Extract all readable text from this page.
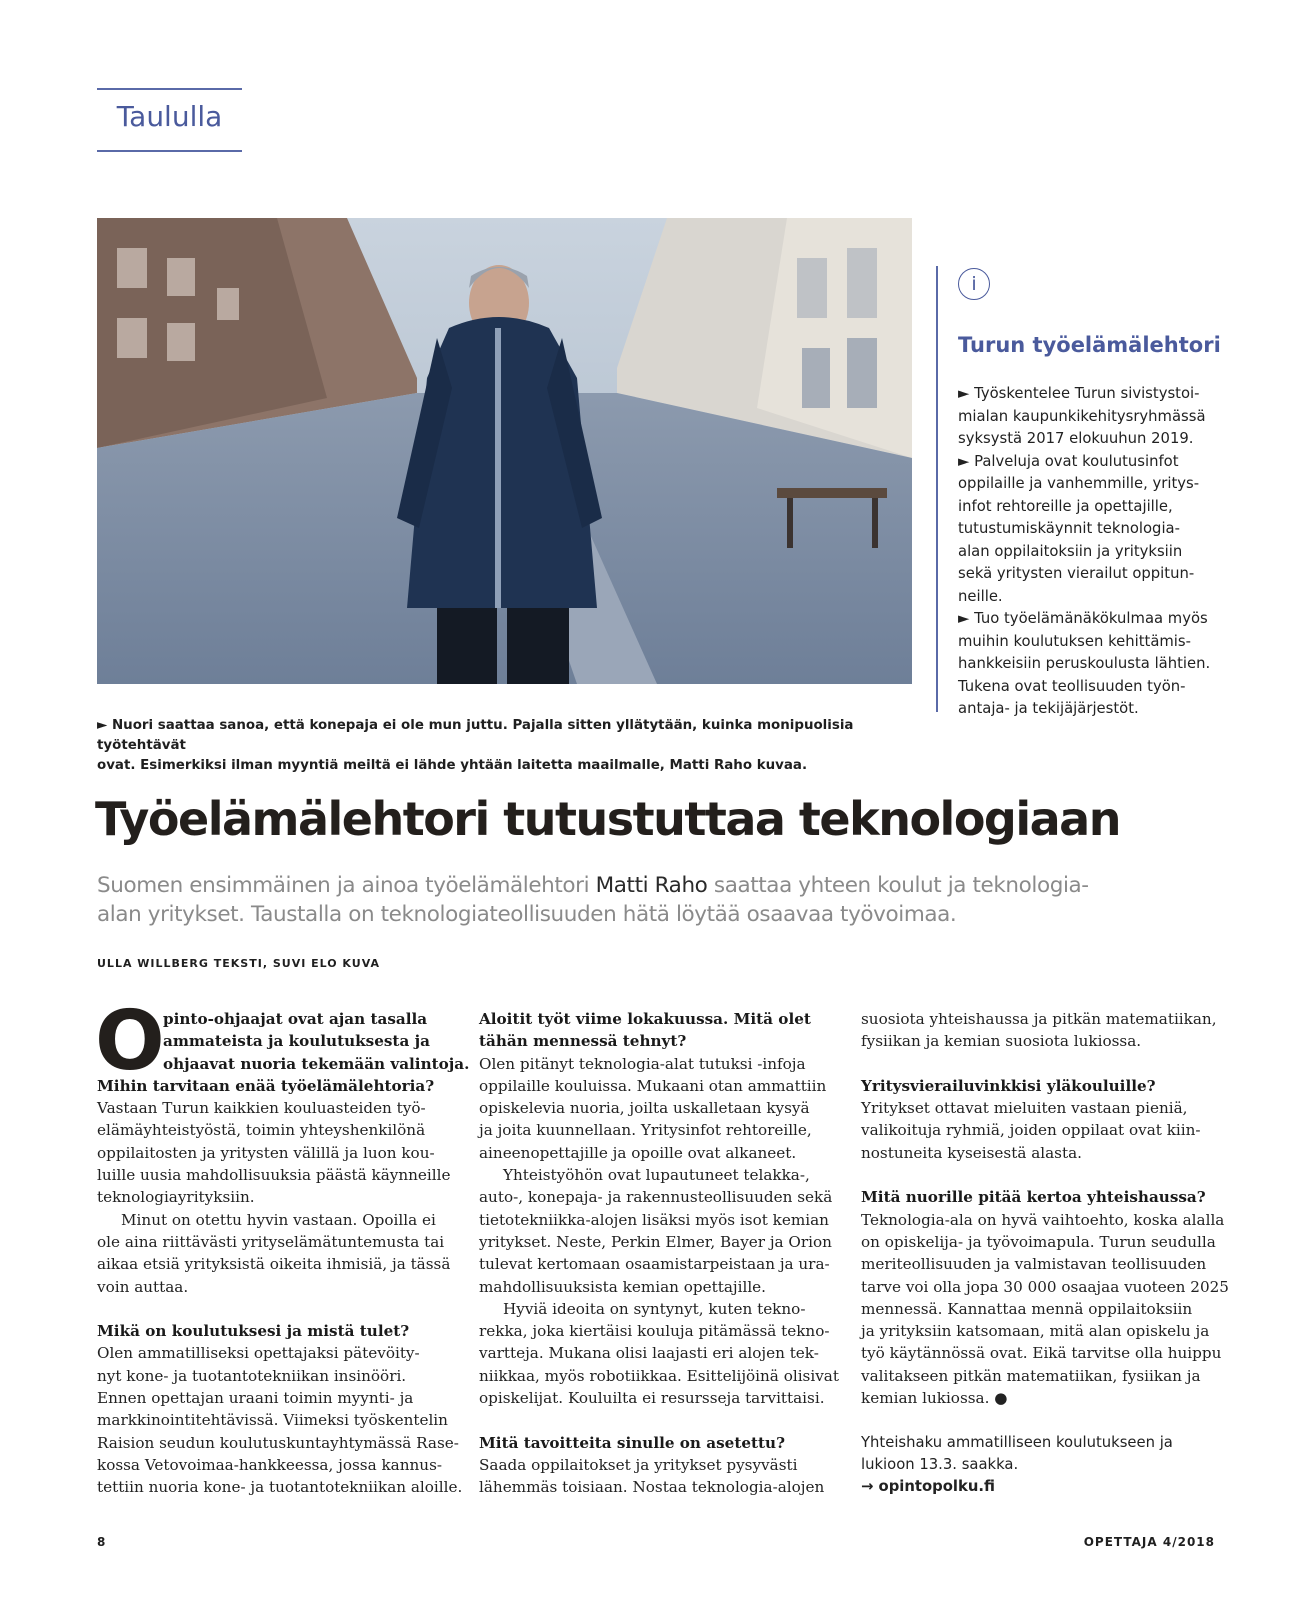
Taululla
► Nuori saattaa sanoa, että konepaja ei ole mun juttu. Pajalla sitten yllätytään, kuinka monipuolisia työtehtävät
ovat. Esimerkiksi ilman myyntiä meiltä ei lähde yhtään laitetta maailmalle, Matti Raho kuvaa.
i
Turun työelämälehtori
► Työskentelee Turun sivistystoi-
mialan kaupunkikehitysryhmässä
syksystä 2017 elokuuhun 2019.
► Palveluja ovat koulutusinfot
oppilaille ja vanhemmille, yritys-
infot rehtoreille ja opettajille,
tutustumiskäynnit teknologia-
alan oppilaitoksiin ja yrityksiin
sekä yritysten vierailut oppitun-
neille.
► Tuo työelämänäkökulmaa myös
muihin koulutuksen kehittämis-
hankkeisiin peruskoulusta lähtien.
Tukena ovat teollisuuden työn-
antaja- ja tekijäjärjestöt.
Työelämälehtori tutustuttaa teknologiaan
Suomen ensimmäinen ja ainoa työelämälehtori Matti Raho saattaa yhteen koulut ja teknologia-
alan yritykset. Taustalla on teknologiateollisuuden hätä löytää osaavaa työvoimaa.
ULLA WILLBERG TEKSTI, SUVI ELO KUVA
O
pinto-ohjaajat ovat ajan tasalla
ammateista ja koulutuksesta ja
ohjaavat nuoria tekemään valintoja.
Mihin tarvitaan enää työelämälehtoria?
Vastaan Turun kaikkien kouluasteiden työ-
elämäyhteistyöstä, toimin yhteyshenkilönä
oppilaitosten ja yritysten välillä ja luon kou-
luille uusia mahdollisuuksia päästä käynneille
teknologiayrityksiin.
Minut on otettu hyvin vastaan. Opoilla ei
ole aina riittävästi yrityselämätuntemusta tai
aikaa etsiä yrityksistä oikeita ihmisiä, ja tässä
voin auttaa.
Mikä on koulutuksesi ja mistä tulet?
Olen ammatilliseksi opettajaksi pätevöity-
nyt kone- ja tuotantotekniikan insinööri.
Ennen opettajan uraani toimin myynti- ja
markkinointitehtävissä. Viimeksi työskentelin
Raision seudun koulutuskuntayhtymässä Rase-
kossa Vetovoimaa-hankkeessa, jossa kannus-
tettiin nuoria kone- ja tuotantotekniikan aloille.
Aloitit työt viime lokakuussa. Mitä olet
tähän mennessä tehnyt?
Olen pitänyt teknologia-alat tutuksi -infoja
oppilaille kouluissa. Mukaani otan ammattiin
opiskelevia nuoria, joilta uskalletaan kysyä
ja joita kuunnellaan. Yritysinfot rehtoreille,
aineenopettajille ja opoille ovat alkaneet.
Yhteistyöhön ovat lupautuneet telakka-,
auto-, konepaja- ja rakennusteollisuuden sekä
tietotekniikka-alojen lisäksi myös isot kemian
yritykset. Neste, Perkin Elmer, Bayer ja Orion
tulevat kertomaan osaamistarpeistaan ja ura-
mahdollisuuksista kemian opettajille.
Hyviä ideoita on syntynyt, kuten tekno-
rekka, joka kiertäisi kouluja pitämässä tekno-
vartteja. Mukana olisi laajasti eri alojen tek-
niikkaa, myös robotiikkaa. Esittelijöinä olisivat
opiskelijat. Kouluilta ei resursseja tarvittaisi.
Mitä tavoitteita sinulle on asetettu?
Saada oppilaitokset ja yritykset pysyvästi
lähemmäs toisiaan. Nostaa teknologia-alojen
suosiota yhteishaussa ja pitkän matematiikan,
fysiikan ja kemian suosiota lukiossa.
Yritysvierailuvinkkisi yläkouluille?
Yritykset ottavat mieluiten vastaan pieniä,
valikoituja ryhmiä, joiden oppilaat ovat kiin-
nostuneita kyseisestä alasta.
Mitä nuorille pitää kertoa yhteishaussa?
Teknologia-ala on hyvä vaihtoehto, koska alalla
on opiskelija- ja työvoimapula. Turun seudulla
meriteollisuuden ja valmistavan teollisuuden
tarve voi olla jopa 30 000 osaajaa vuoteen 2025
mennessä. Kannattaa mennä oppilaitoksiin
ja yrityksiin katsomaan, mitä alan opiskelu ja
työ käytännössä ovat. Eikä tarvitse olla huippu
valitakseen pitkän matematiikan, fysiikan ja
kemian lukiossa. ●
Yhteishaku ammatilliseen koulutukseen ja
lukioon 13.3. saakka.
→ opintopolku.fi
8	OPETTAJA 4/2018
